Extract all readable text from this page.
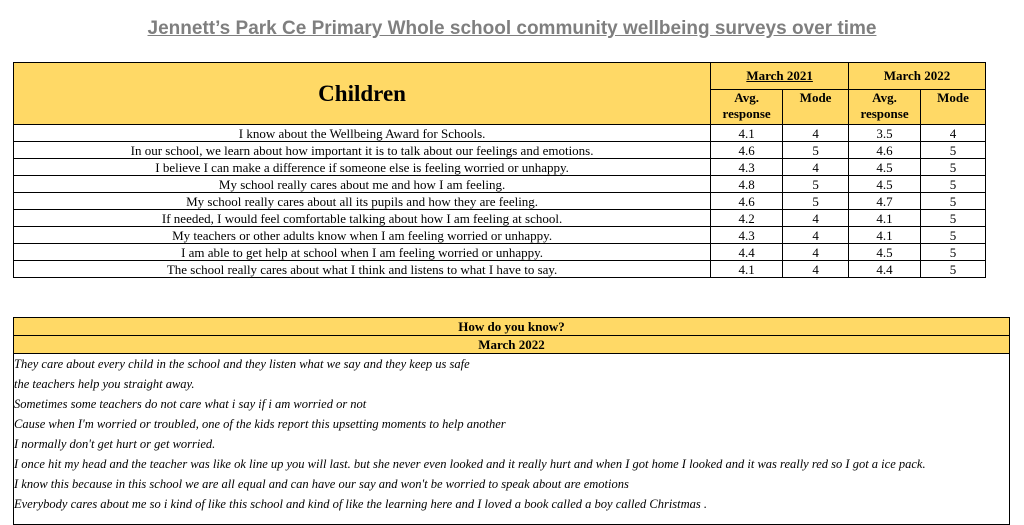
Jennett’s Park Ce Primary Whole school community wellbeing surveys over time
Children	March 2021		March 2022	
	Avg. response	Mode	Avg. response	Mode
I know about the Wellbeing Award for Schools.	4.1	4	3.5	4
In our school, we learn about how important it is to talk about our feelings and emotions.	4.6	5	4.6	5
I believe I can make a difference if someone else is feeling worried or unhappy.	4.3	4	4.5	5
My school really cares about me and how I am feeling.	4.8	5	4.5	5
My school really cares about all its pupils and how they are feeling.	4.6	5	4.7	5
If needed, I would feel comfortable talking about how I am feeling at school.	4.2	4	4.1	5
My teachers or other adults know when I am feeling worried or unhappy.	4.3	4	4.1	5
I am able to get help at school when I am feeling worried or unhappy.	4.4	4	4.5	5
The school really cares about what I think and listens to what I have to say.	4.1	4	4.4	5
How do you know?
March 2022

They care about every child in the school and they listen what we say and they keep us safe
the teachers help you straight away.
Sometimes some teachers do not care what i say if i am worried or not
Cause when I'm worried or troubled, one of the kids report this upsetting moments to help another
I normally don't get hurt or get worried.
I once hit my head and the teacher was like ok line up you will last. but she never even looked and it really hurt and when I got home I looked and it was really red so I got a ice pack.
I know this because in this school we are all equal and can have our say and won't be worried to speak about are emotions
Everybody cares about me so i kind of like this school and kind of like the learning here and I loved a book called a boy called Christmas .
